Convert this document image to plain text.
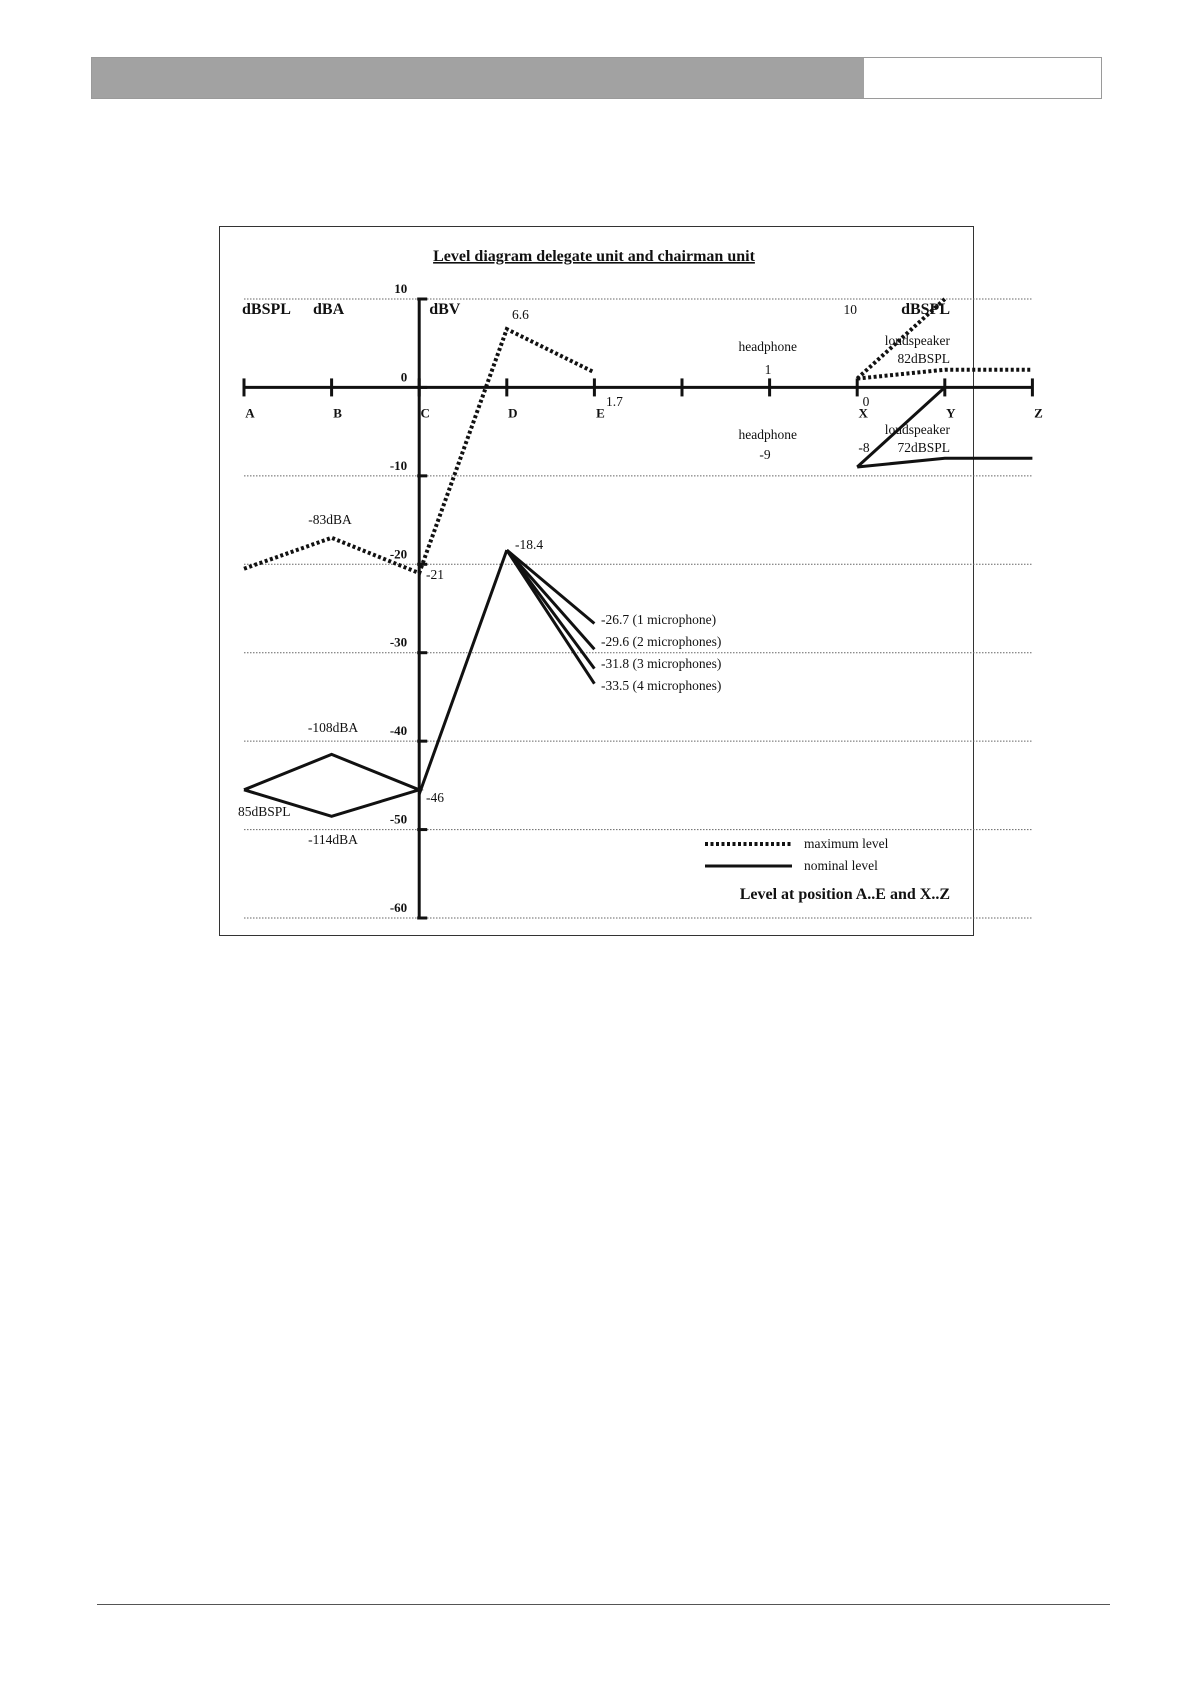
Level diagram delegate unit and chairman unit
10
0
-10
-20
-30
-40
-50
-60
A	B	C	D	E	X	Y	Z
dBSPL dBA	dBV	dBSPL
6.6
1.7
-21
-83dBA
-18.4
-26.7 (1 microphone)
-29.6 (2 microphones)
-31.8 (3 microphones)
-33.5 (4 microphones)
-108dBA
85dBSPL
-114dBA
-46
10
headphone
1
loudspeaker
82dBSPL
0
headphone
-9
loudspeaker
-8 72dBSPL
maximum level
nominal level
Level at position A..E and X..Z
